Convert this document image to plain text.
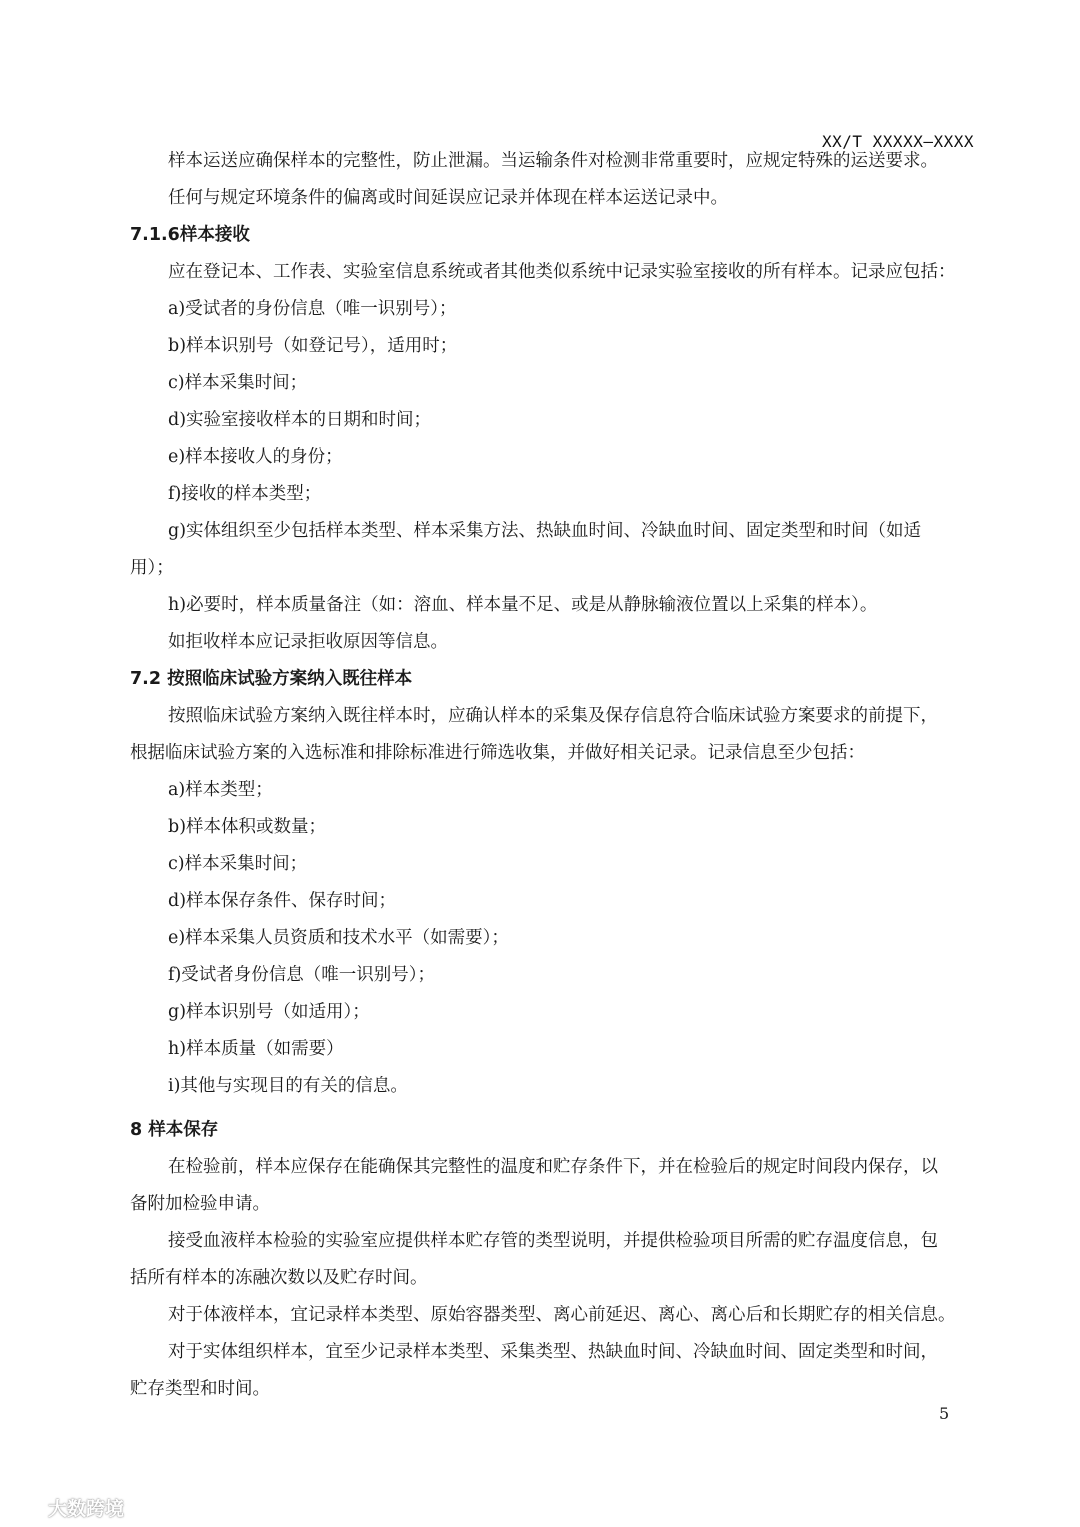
XX/T XXXXX—XXXX
样本运送应确保样本的完整性，防止泄漏。当运输条件对检测非常重要时，应规定特殊的运送要求。
任何与规定环境条件的偏离或时间延误应记录并体现在样本运送记录中。
7.1.6样本接收
应在登记本、工作表、实验室信息系统或者其他类似系统中记录实验室接收的所有样本。记录应包括：
a)受试者的身份信息（唯一识别号）；
b)样本识别号（如登记号），适用时；
c)样本采集时间；
d)实验室接收样本的日期和时间；
e)样本接收人的身份；
f)接收的样本类型；
g)实体组织至少包括样本类型、样本采集方法、热缺血时间、冷缺血时间、固定类型和时间（如适
用）；
h)必要时，样本质量备注（如：溶血、样本量不足、或是从静脉输液位置以上采集的样本）。
如拒收样本应记录拒收原因等信息。
7.2 按照临床试验方案纳入既往样本
按照临床试验方案纳入既往样本时，应确认样本的采集及保存信息符合临床试验方案要求的前提下，
根据临床试验方案的入选标准和排除标准进行筛选收集，并做好相关记录。记录信息至少包括：
a)样本类型；
b)样本体积或数量；
c)样本采集时间；
d)样本保存条件、保存时间；
e)样本采集人员资质和技术水平（如需要）；
f)受试者身份信息（唯一识别号）；
g)样本识别号（如适用）；
h)样本质量（如需要）
i)其他与实现目的有关的信息。
8 样本保存
在检验前，样本应保存在能确保其完整性的温度和贮存条件下，并在检验后的规定时间段内保存，以
备附加检验申请。
接受血液样本检验的实验室应提供样本贮存管的类型说明，并提供检验项目所需的贮存温度信息，包
括所有样本的冻融次数以及贮存时间。
对于体液样本，宜记录样本类型、原始容器类型、离心前延迟、离心、离心后和长期贮存的相关信息。
对于实体组织样本，宜至少记录样本类型、采集类型、热缺血时间、冷缺血时间、固定类型和时间，
贮存类型和时间。
5
大数跨境
